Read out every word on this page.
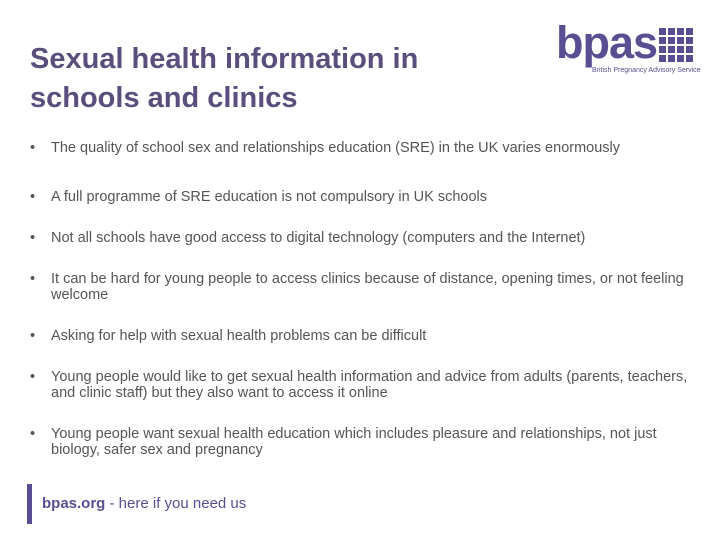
Sexual health information in
schools and clinics
bpas
British Pregnancy Advisory Service
• The quality of school sex and relationships education (SRE) in the UK varies enormously
• A full programme of SRE education is not compulsory in UK schools
• Not all schools have good access to digital technology (computers and the Internet)
• It can be hard for young people to access clinics because of distance, opening times, or not feeling welcome
• Asking for help with sexual health problems can be difficult
• Young people would like to get sexual health information and advice from adults (parents, teachers, and clinic staff) but they also want to access it online
• Young people want sexual health education which includes pleasure and relationships, not just biology, safer sex and pregnancy
bpas.org - here if you need us
